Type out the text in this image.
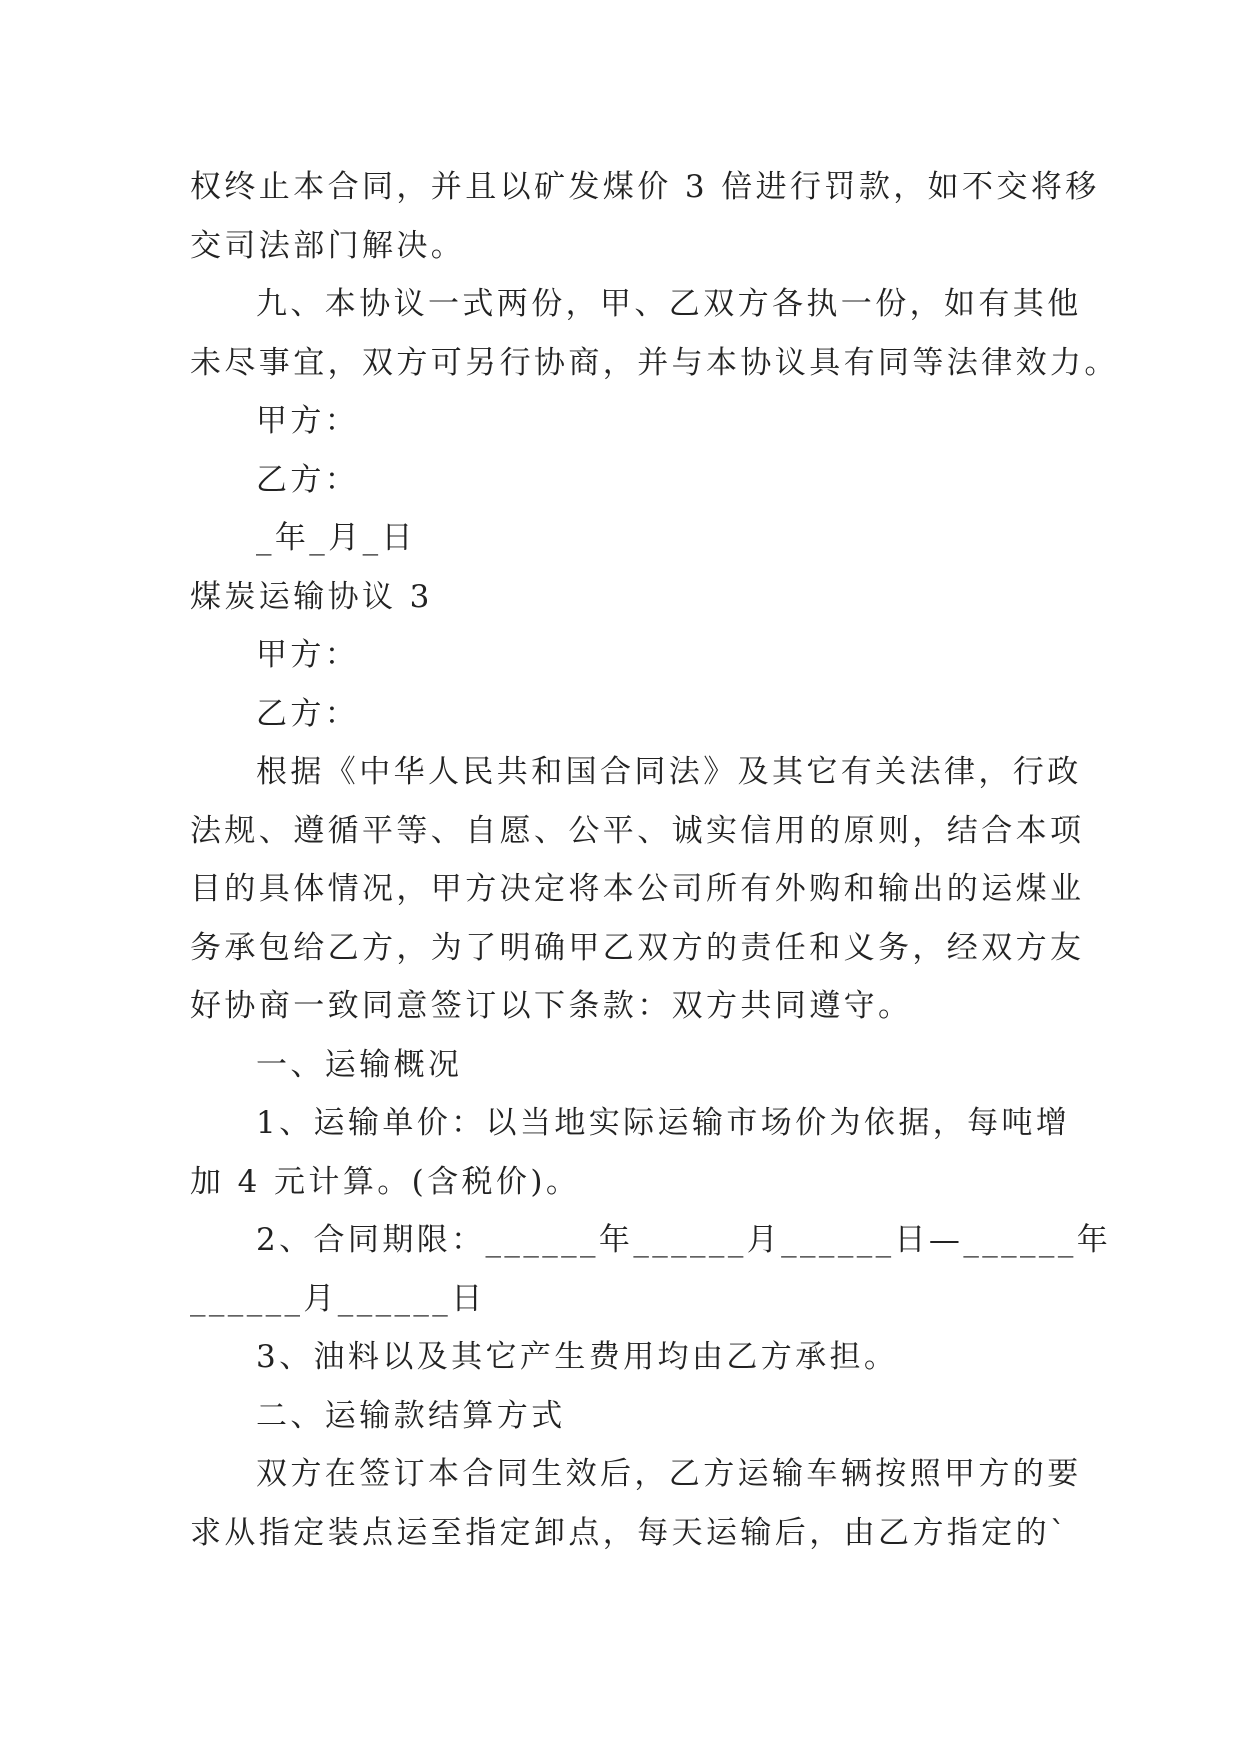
权终止本合同，并且以矿发煤价 3 倍进行罚款，如不交将移
交司法部门解决。
九、本协议一式两份，甲、乙双方各执一份，如有其他
未尽事宜，双方可另行协商，并与本协议具有同等法律效力。
甲方：
乙方：
_年_月_日
煤炭运输协议 3
甲方：
乙方：
根据《中华人民共和国合同法》及其它有关法律，行政
法规、遵循平等、自愿、公平、诚实信用的原则，结合本项
目的具体情况，甲方决定将本公司所有外购和输出的运煤业
务承包给乙方，为了明确甲乙双方的责任和义务，经双方友
好协商一致同意签订以下条款：双方共同遵守。
一、运输概况
1、运输单价：以当地实际运输市场价为依据，每吨增
加 4 元计算。(含税价)。
2、合同期限：______年______月______日—______年
______月______日
3、油料以及其它产生费用均由乙方承担。
二、运输款结算方式
双方在签订本合同生效后，乙方运输车辆按照甲方的要
求从指定装点运至指定卸点，每天运输后，由乙方指定的`
